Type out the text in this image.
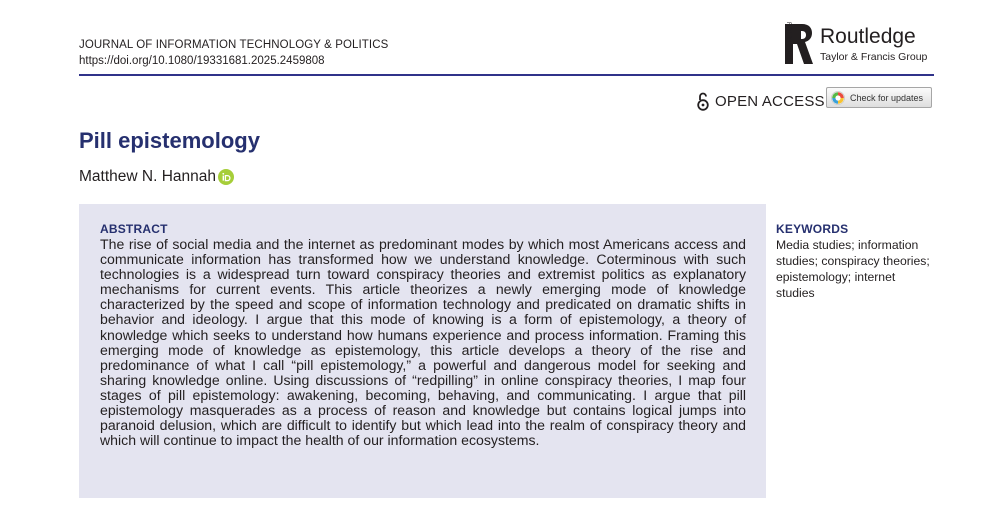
JOURNAL OF INFORMATION TECHNOLOGY & POLITICS
https://doi.org/10.1080/19331681.2025.2459808	ROUTLEDGE Routledge
Taylor & Francis Group
OPEN ACCESS	Check for updates
Pill epistemology
Matthew N. Hannah
ABSTRACT

The rise of social media and the internet as predominant modes by which most Americans access and communicate information has transformed how we understand knowledge. Coterminous with such technologies is a widespread turn toward conspiracy theories and extremist politics as explanatory mechanisms for current events. This article theorizes a newly emerging mode of knowledge characterized by the speed and scope of information technology and predicated on dramatic shifts in behavior and ideology. I argue that this mode of knowing is a form of epistemology, a theory of knowledge which seeks to understand how humans experience and process information. Framing this emerging mode of knowledge as epistemology, this article develops a theory of the rise and predominance of what I call “pill epistemology,” a powerful and dangerous model for seeking and sharing knowledge online. Using discussions of “redpilling” in online conspiracy theories, I map four stages of pill epistemology: awakening, becoming, behaving, and communicating. I argue that pill epistemology masquerades as a process of reason and knowledge but contains logical jumps into paranoid delusion, which are difficult to identify but which lead into the realm of conspiracy theory and which will continue to impact the health of our information ecosystems.

KEYWORDS

Media studies; information studies; conspiracy theories; epistemology; internet studies
